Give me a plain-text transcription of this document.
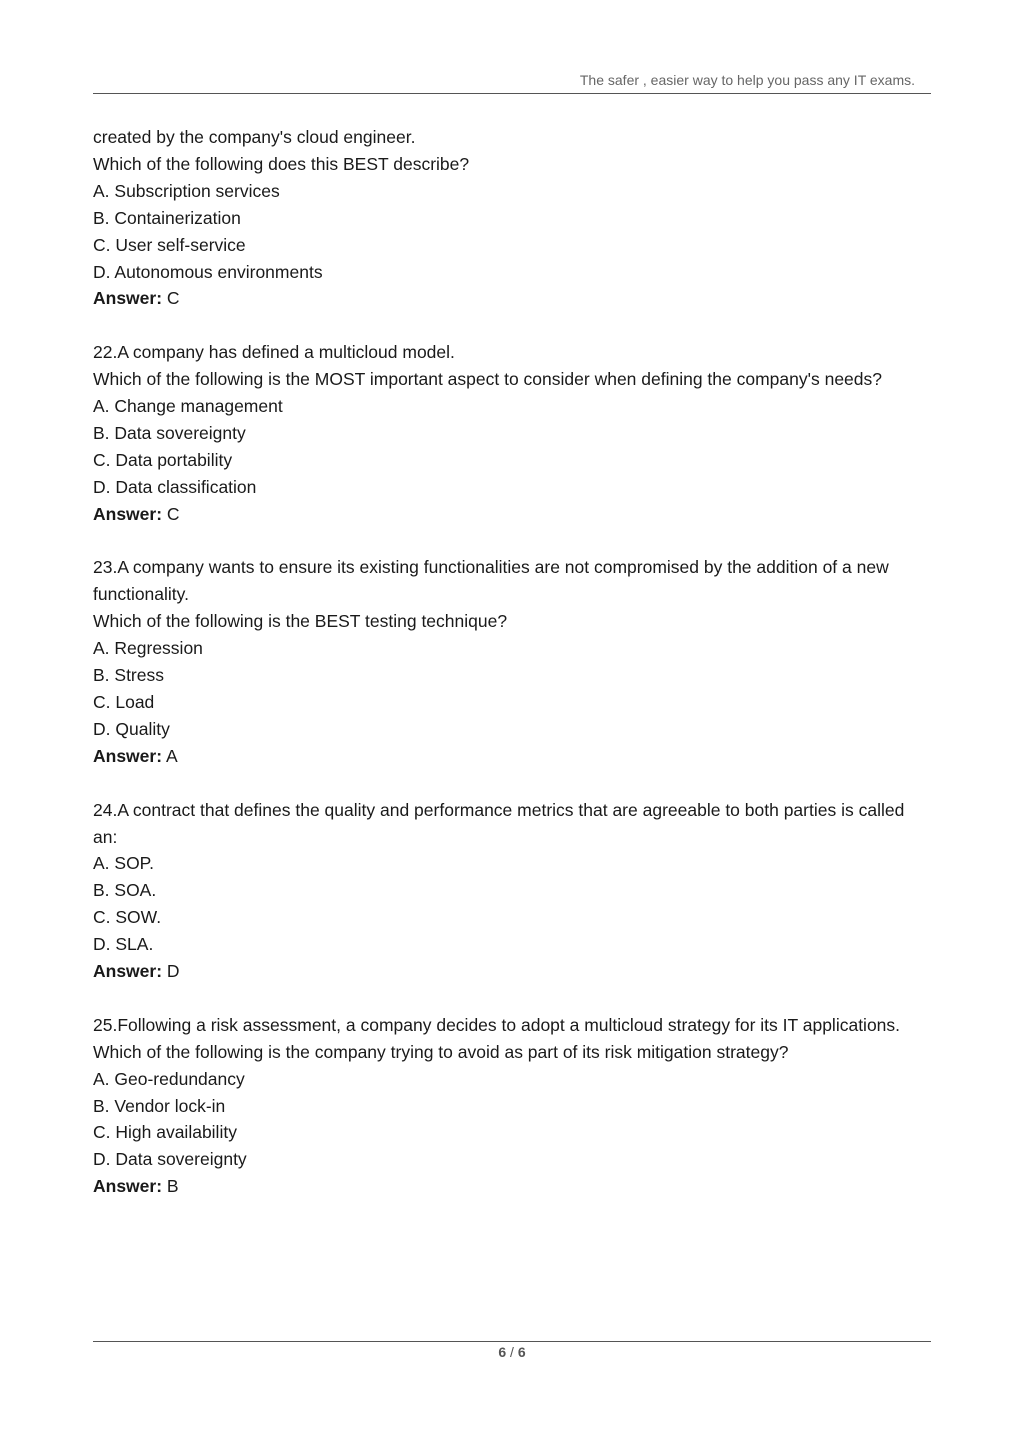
The safer , easier way to help you pass any IT exams.
created by the company's cloud engineer.
Which of the following does this BEST describe?
A. Subscription services
B. Containerization
C. User self-service
D. Autonomous environments
Answer: C
22.A company has defined a multicloud model.
Which of the following is the MOST important aspect to consider when defining the company's needs?
A. Change management
B. Data sovereignty
C. Data portability
D. Data classification
Answer: C
23.A company wants to ensure its existing functionalities are not compromised by the addition of a new functionality.
Which of the following is the BEST testing technique?
A. Regression
B. Stress
C. Load
D. Quality
Answer: A
24.A contract that defines the quality and performance metrics that are agreeable to both parties is called an:
A. SOP.
B. SOA.
C. SOW.
D. SLA.
Answer: D
25.Following a risk assessment, a company decides to adopt a multicloud strategy for its IT applications.
Which of the following is the company trying to avoid as part of its risk mitigation strategy?
A. Geo-redundancy
B. Vendor lock-in
C. High availability
D. Data sovereignty
Answer: B
6 / 6
